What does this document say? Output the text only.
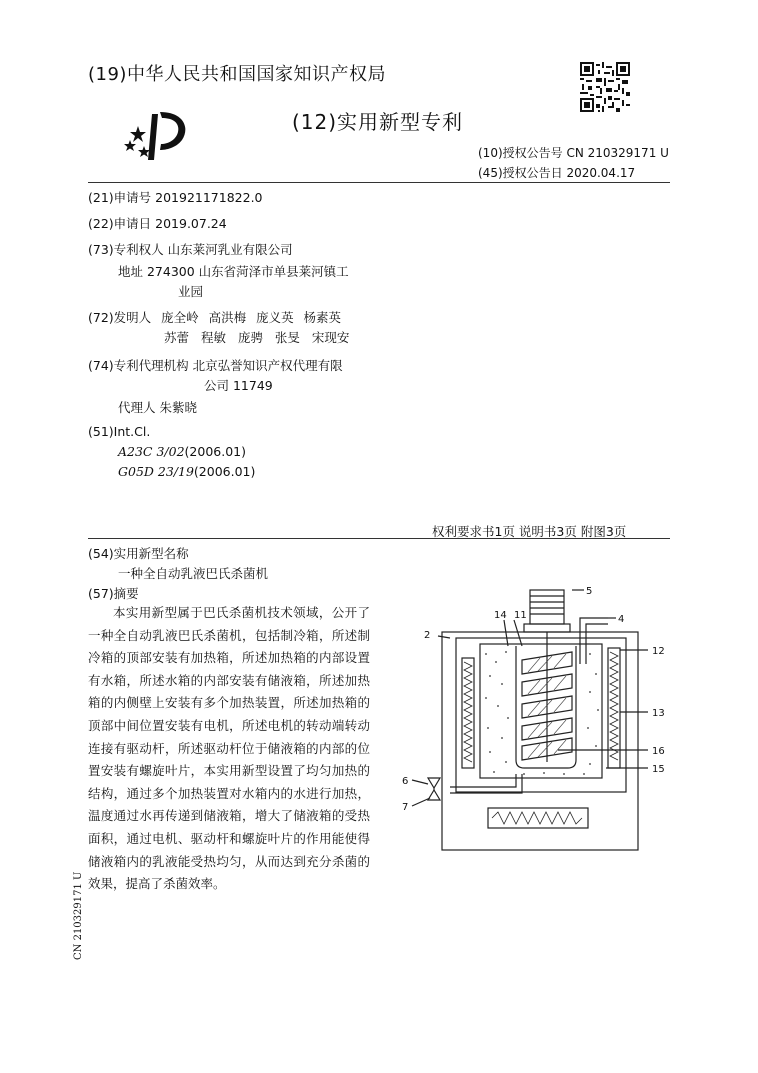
(19)中华人民共和国国家知识产权局
(12)实用新型专利
(10)授权公告号 CN 210329171 U
(45)授权公告日 2020.04.17
(21)申请号 201921171822.0
(22)申请日 2019.07.24
(73)专利权人 山东莱河乳业有限公司
地址 274300 山东省菏泽市单县莱河镇工
业园
(72)发明人 庞全岭 高洪梅 庞义英 杨素英
苏蕾 程敏 庞骋 张旻 宋现安
(74)专利代理机构 北京弘誉知识产权代理有限
公司 11749
代理人 朱紫晓
(51)Int.Cl.
A23C 3/02(2006.01)
G05D 23/19(2006.01)
权利要求书1页 说明书3页 附图3页
(54)实用新型名称
一种全自动乳液巴氏杀菌机
(57)摘要
本实用新型属于巴氏杀菌机技术领域，公开了一种全自动乳液巴氏杀菌机，包括制冷箱，所述制冷箱的顶部安装有加热箱，所述加热箱的内部设置有水箱，所述水箱的内部安装有储液箱，所述加热箱的内侧壁上安装有多个加热装置，所述加热箱的顶部中间位置安装有电机，所述电机的转动端转动连接有驱动杆，所述驱动杆位于储液箱的内部的位置安装有螺旋叶片，本实用新型设置了均匀加热的结构，通过多个加热装置对水箱内的水进行加热，温度通过水再传递到储液箱，增大了储液箱的受热面积，通过电机、驱动杆和螺旋叶片的作用能使得储液箱内的乳液能受热均匀，从而达到充分杀菌的效果，提高了杀菌效率。
CN 210329171 U
5
4
2
14 11
12
13
16
15
6
7
